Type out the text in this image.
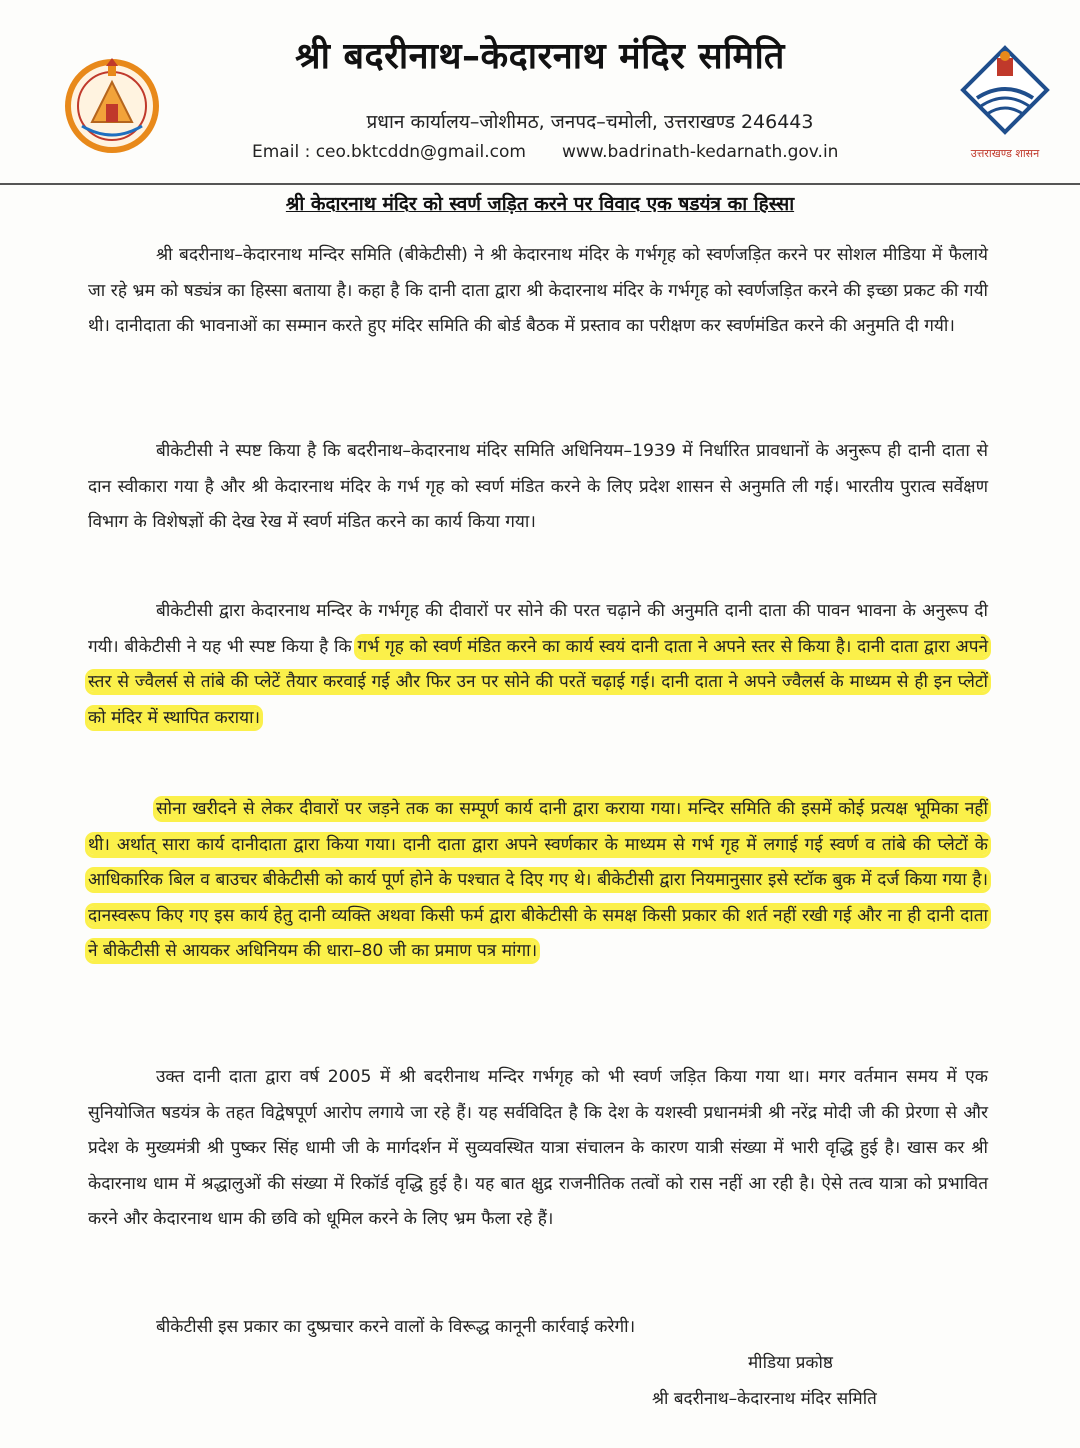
श्री बदरीनाथ–केदारनाथ मंदिर समिति
प्रधान कार्यालय–जोशीमठ, जनपद–चमोली, उत्तराखण्ड 246443
Email : ceo.bktcddn@gmail.com www.badrinath-kedarnath.gov.in	उत्तराखण्ड शासन
श्री केदारनाथ मंदिर को स्वर्ण जड़ित करने पर विवाद एक षडयंत्र का हिस्सा
श्री बदरीनाथ–केदारनाथ मन्दिर समिति (बीकेटीसी) ने श्री केदारनाथ मंदिर के गर्भगृह को स्वर्णजड़ित करने पर सोशल मीडिया में फैलाये जा रहे भ्रम को षड्यंत्र का हिस्सा बताया है। कहा है कि दानी दाता द्वारा श्री केदारनाथ मंदिर के गर्भगृह को स्वर्णजड़ित करने की इच्छा प्रकट की गयी थी। दानीदाता की भावनाओं का सम्मान करते हुए मंदिर समिति की बोर्ड बैठक में प्रस्ताव का परीक्षण कर स्वर्णमंडित करने की अनुमति दी गयी।
बीकेटीसी ने स्पष्ट किया है कि बदरीनाथ–केदारनाथ मंदिर समिति अधिनियम–1939 में निर्धारित प्रावधानों के अनुरूप ही दानी दाता से दान स्वीकारा गया है और श्री केदारनाथ मंदिर के गर्भ गृह को स्वर्ण मंडित करने के लिए प्रदेश शासन से अनुमति ली गई। भारतीय पुरात्व सर्वेक्षण विभाग के विशेषज्ञों की देख रेख में स्वर्ण मंडित करने का कार्य किया गया।
बीकेटीसी द्वारा केदारनाथ मन्दिर के गर्भगृह की दीवारों पर सोने की परत चढ़ाने की अनुमति दानी दाता की पावन भावना के अनुरूप दी गयी। बीकेटीसी ने यह भी स्पष्ट किया है कि गर्भ गृह को स्वर्ण मंडित करने का कार्य स्वयं दानी दाता ने अपने स्तर से किया है। दानी दाता द्वारा अपने स्तर से ज्वैलर्स से तांबे की प्लेटें तैयार करवाई गई और फिर उन पर सोने की परतें चढ़ाई गई। दानी दाता ने अपने ज्वैलर्स के माध्यम से ही इन प्लेटों को मंदिर में स्थापित कराया।
सोना खरीदने से लेकर दीवारों पर जड़ने तक का सम्पूर्ण कार्य दानी द्वारा कराया गया। मन्दिर समिति की इसमें कोई प्रत्यक्ष भूमिका नहीं थी। अर्थात् सारा कार्य दानीदाता द्वारा किया गया। दानी दाता द्वारा अपने स्वर्णकार के माध्यम से गर्भ गृह में लगाई गई स्वर्ण व तांबे की प्लेटों के आधिकारिक बिल व बाउचर बीकेटीसी को कार्य पूर्ण होने के पश्चात दे दिए गए थे। बीकेटीसी द्वारा नियमानुसार इसे स्टॉक बुक में दर्ज किया गया है। दानस्वरूप किए गए इस कार्य हेतु दानी व्यक्ति अथवा किसी फर्म द्वारा बीकेटीसी के समक्ष किसी प्रकार की शर्त नहीं रखी गई और ना ही दानी दाता ने बीकेटीसी से आयकर अधिनियम की धारा–80 जी का प्रमाण पत्र मांगा।
उक्त दानी दाता द्वारा वर्ष 2005 में श्री बदरीनाथ मन्दिर गर्भगृह को भी स्वर्ण जड़ित किया गया था। मगर वर्तमान समय में एक सुनियोजित षडयंत्र के तहत विद्वेषपूर्ण आरोप लगाये जा रहे हैं। यह सर्वविदित है कि देश के यशस्वी प्रधानमंत्री श्री नरेंद्र मोदी जी की प्रेरणा से और प्रदेश के मुख्यमंत्री श्री पुष्कर सिंह धामी जी के मार्गदर्शन में सुव्यवस्थित यात्रा संचालन के कारण यात्री संख्या में भारी वृद्धि हुई है। खास कर श्री केदारनाथ धाम में श्रद्धालुओं की संख्या में रिकॉर्ड वृद्धि हुई है। यह बात क्षुद्र राजनीतिक तत्वों को रास नहीं आ रही है। ऐसे तत्व यात्रा को प्रभावित करने और केदारनाथ धाम की छवि को धूमिल करने के लिए भ्रम फैला रहे हैं।
बीकेटीसी इस प्रकार का दुष्प्रचार करने वालों के विरूद्ध कानूनी कार्रवाई करेगी।
मीडिया प्रकोष्ठ
श्री बदरीनाथ–केदारनाथ मंदिर समिति
